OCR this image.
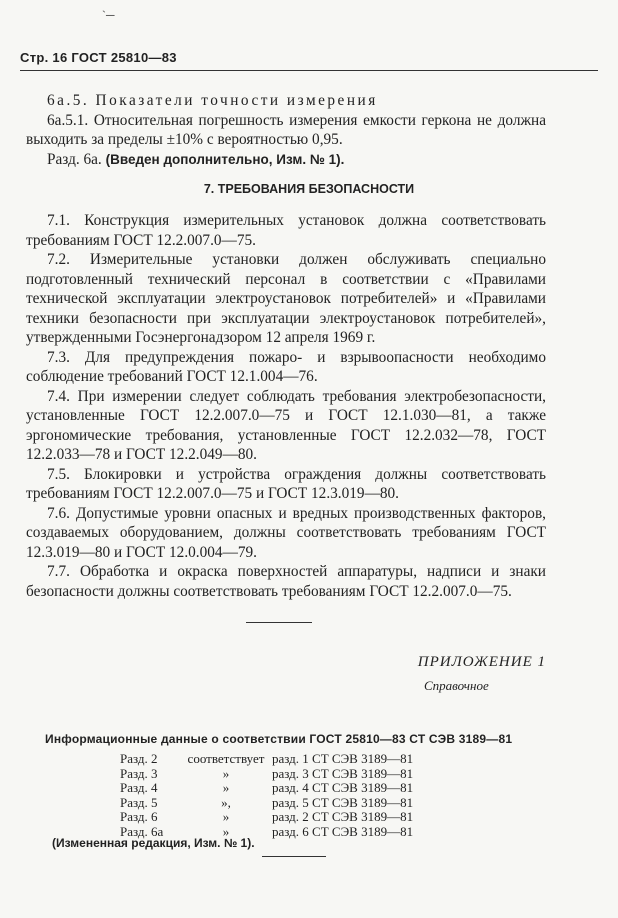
ˋ─
Стр. 16 ГОСТ 25810—83

6а.5. Показатели точности измерения

6а.5.1. Относительная погрешность измерения емкости геркона не должна выходить за пределы ±10% с вероятностью 0,95.

Разд. 6а. (Введен дополнительно, Изм. № 1).

7. ТРЕБОВАНИЯ БЕЗОПАСНОСТИ

7.1. Конструкция измерительных установок должна соответствовать требованиям ГОСТ 12.2.007.0—75.

7.2. Измерительные установки должен обслуживать специально подготовленный технический персонал в соответствии с «Правилами технической эксплуатации электроустановок потребителей» и «Правилами техники безопасности при эксплуатации электроустановок потребителей», утвержденными Госэнергонадзором 12 апреля 1969 г.

7.3. Для предупреждения пожаро- и взрывоопасности необходимо соблюдение требований ГОСТ 12.1.004—76.

7.4. При измерении следует соблюдать требования электробезопасности, установленные ГОСТ 12.2.007.0—75 и ГОСТ 12.1.030—81, а также эргономические требования, установленные ГОСТ 12.2.032—78, ГОСТ 12.2.033—78 и ГОСТ 12.2.049—80.

7.5. Блокировки и устройства ограждения должны соответствовать требованиям ГОСТ 12.2.007.0—75 и ГОСТ 12.3.019—80.

7.6. Допустимые уровни опасных и вредных производственных факторов, создаваемых оборудованием, должны соответствовать требованиям ГОСТ 12.3.019—80 и ГОСТ 12.0.004—79.

7.7. Обработка и окраска поверхностей аппаратуры, надписи и знаки безопасности должны соответствовать требованиям ГОСТ 12.2.007.0—75.

ПРИЛОЖЕНИЕ 1
Справочное
Информационные данные о соответствии ГОСТ 25810—83 СТ СЭВ 3189—81
Разд. 2	соответствует	разд. 1 СТ СЭВ 3189—81
Разд. 3	»	разд. 3 СТ СЭВ 3189—81
Разд. 4	»	разд. 4 СТ СЭВ 3189—81
Разд. 5	»,	разд. 5 СТ СЭВ 3189—81
Разд. 6	»	разд. 2 СТ СЭВ 3189—81
Разд. 6а	»	разд. 6 СТ СЭВ 3189—81
(Измененная редакция, Изм. № 1).
